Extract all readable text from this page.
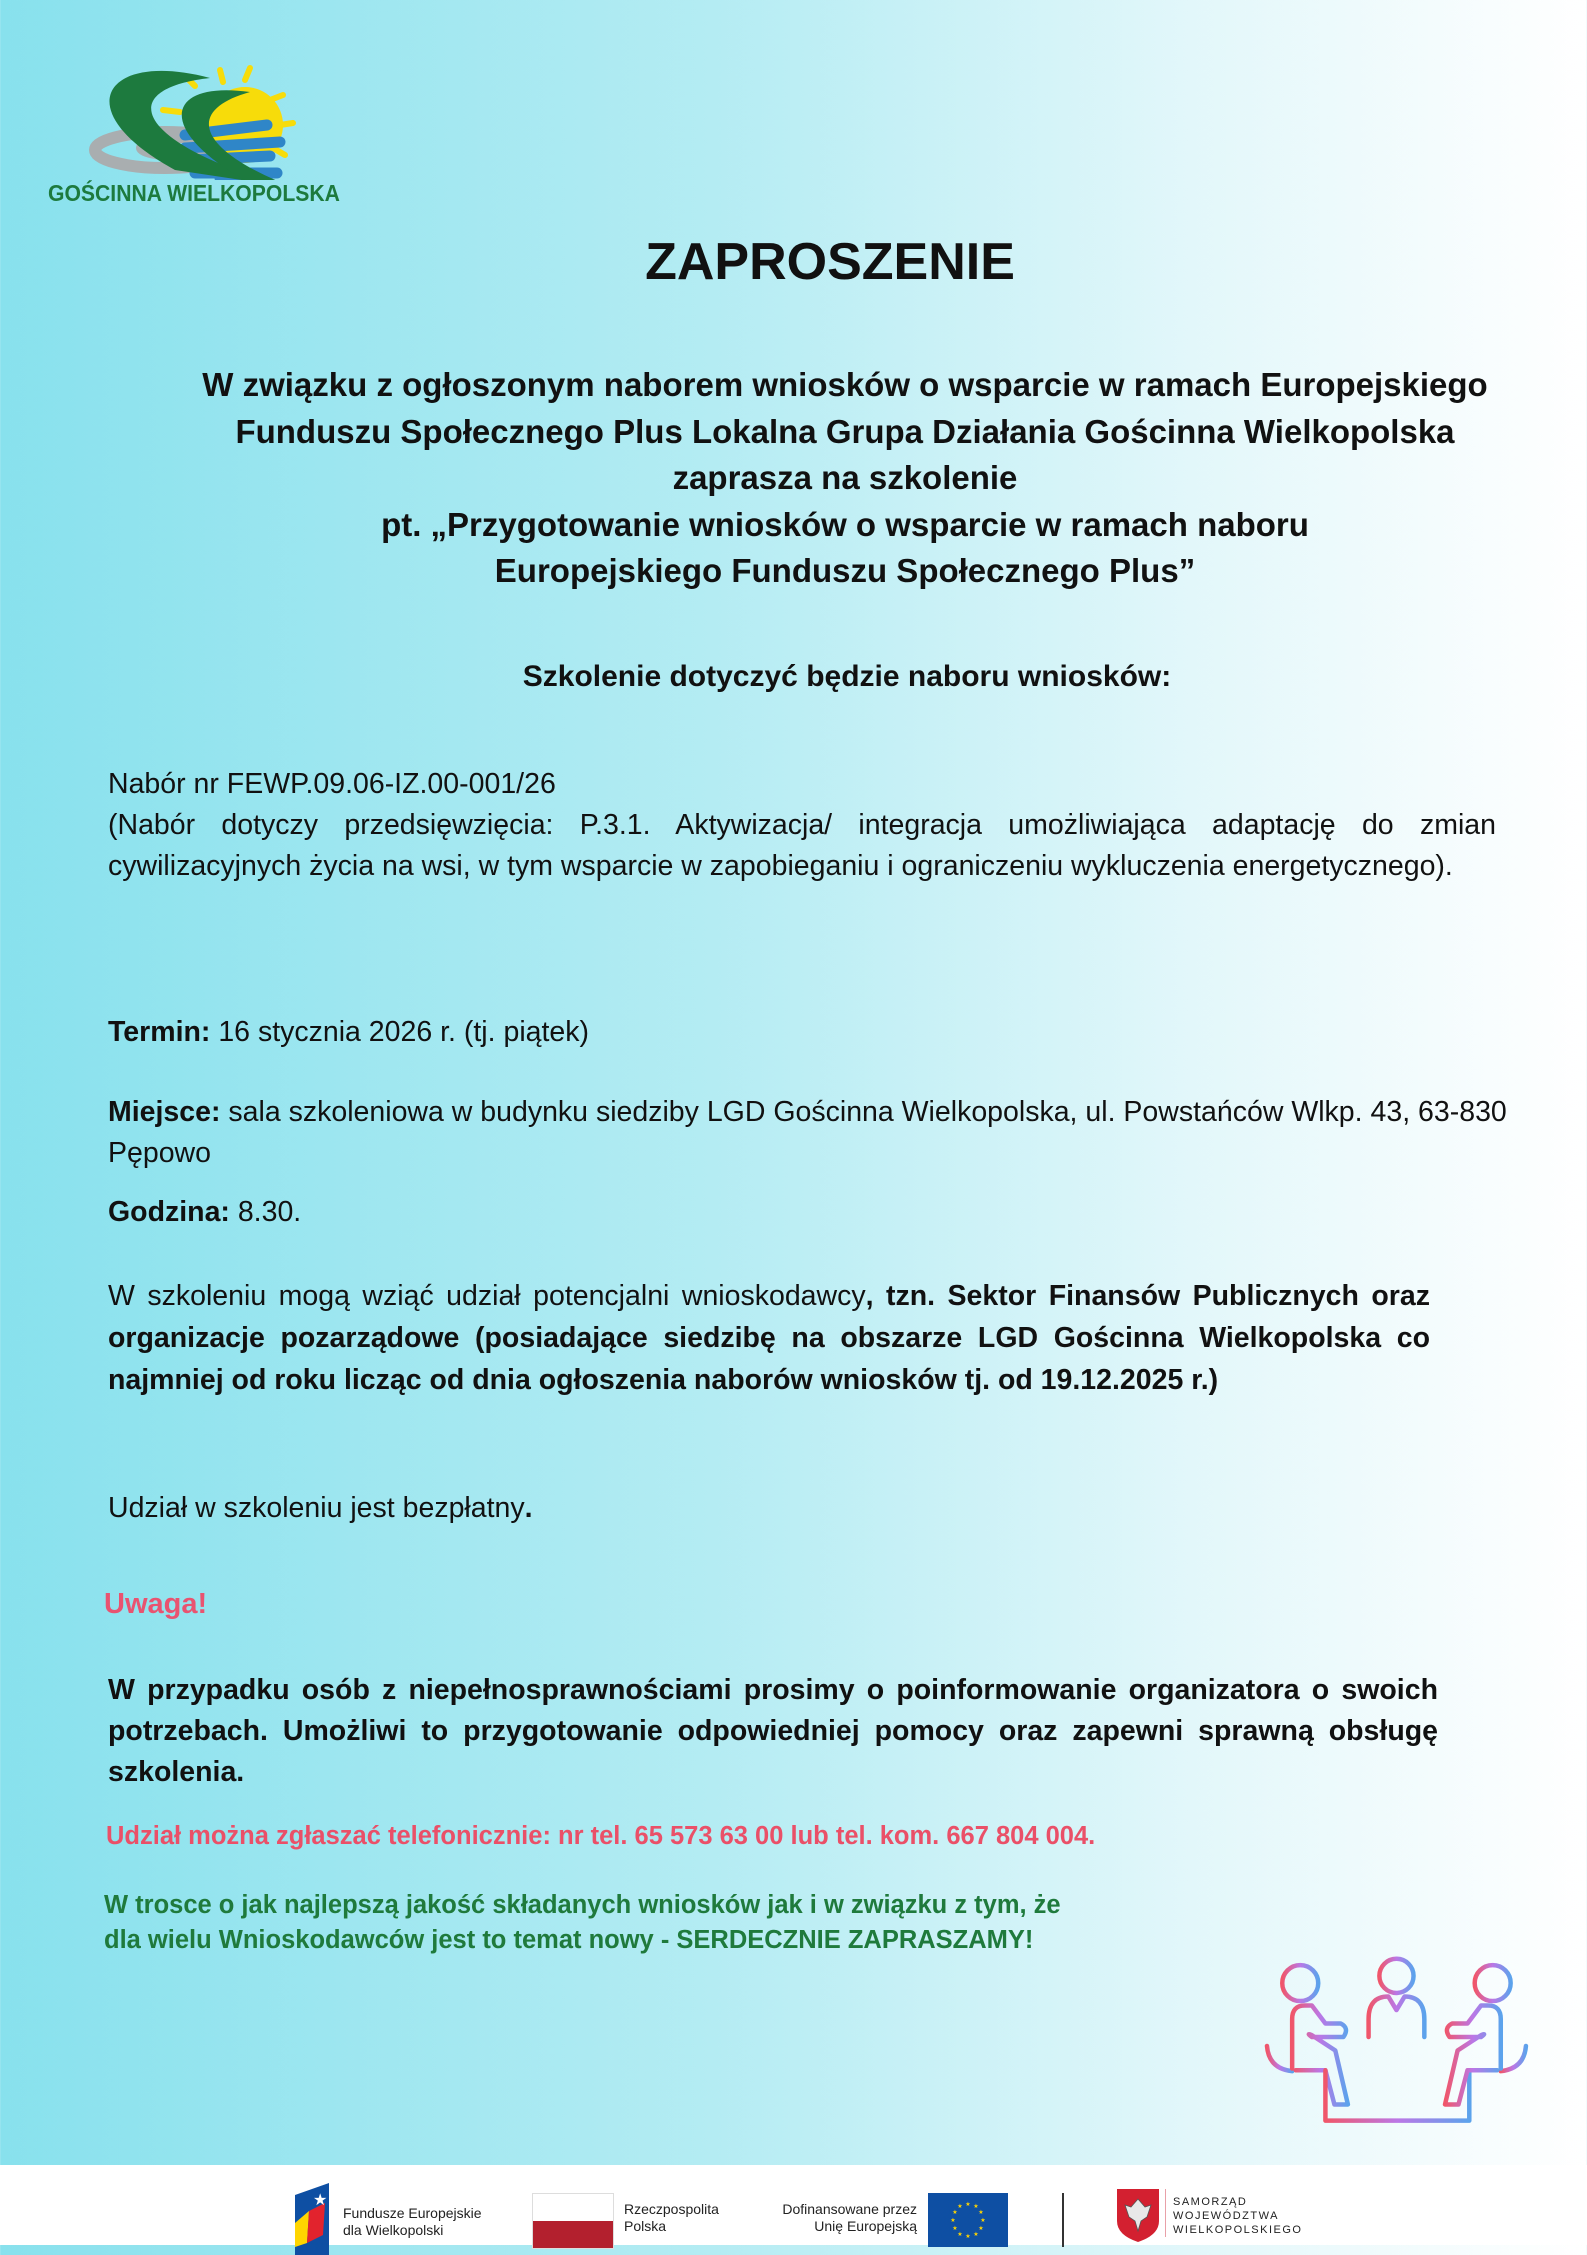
GOŚCINNA WIELKOPOLSKA
ZAPROSZENIE
W związku z ogłoszonym naborem wniosków o wsparcie w ramach Europejskiego
Funduszu Społecznego Plus Lokalna Grupa Działania Gościnna Wielkopolska
zaprasza na szkolenie
pt. „Przygotowanie wniosków o wsparcie w ramach naboru
Europejskiego Funduszu Społecznego Plus”
Szkolenie dotyczyć będzie naboru wniosków:
Nabór nr FEWP.09.06-IZ.00-001/26
(Nabór dotyczy przedsięwzięcia: P.3.1. Aktywizacja/ integracja umożliwiająca adaptację do zmian cywilizacyjnych życia na wsi, w tym wsparcie w zapobieganiu i ograniczeniu wykluczenia energetycznego).
Termin: 16 stycznia 2026 r. (tj. piątek)
Miejsce: sala szkoleniowa w budynku siedziby LGD Gościnna Wielkopolska, ul. Powstańców Wlkp. 43, 63-830 Pępowo
Godzina: 8.30.
W szkoleniu mogą wziąć udział potencjalni wnioskodawcy, tzn. Sektor Finansów Publicznych oraz organizacje pozarządowe (posiadające siedzibę na obszarze LGD Gościnna Wielkopolska co najmniej od roku licząc od dnia ogłoszenia naborów wniosków tj. od 19.12.2025 r.)
Udział w szkoleniu jest bezpłatny.
Uwaga!
W przypadku osób z niepełnosprawnościami prosimy o poinformowanie organizatora o swoich potrzebach. Umożliwi to przygotowanie odpowiedniej pomocy oraz zapewni sprawną obsługę szkolenia.
Udział można zgłaszać telefonicznie: nr tel. 65 573 63 00 lub tel. kom. 667 804 004.
W trosce o jak najlepszą jakość składanych wniosków jak i w związku z tym, że
dla wielu Wnioskodawców jest to temat nowy - SERDECZNIE ZAPRASZAMY!
★
Fundusze Europejskie
dla Wielkopolski
Rzeczpospolita
Polska
Dofinansowane przez
Unię Europejską
★ ★
★
★
★
★
★
★
★
★
★
★	SAMORZĄD
WOJEWÓDZTWA
WIELKOPOLSKIEGO
